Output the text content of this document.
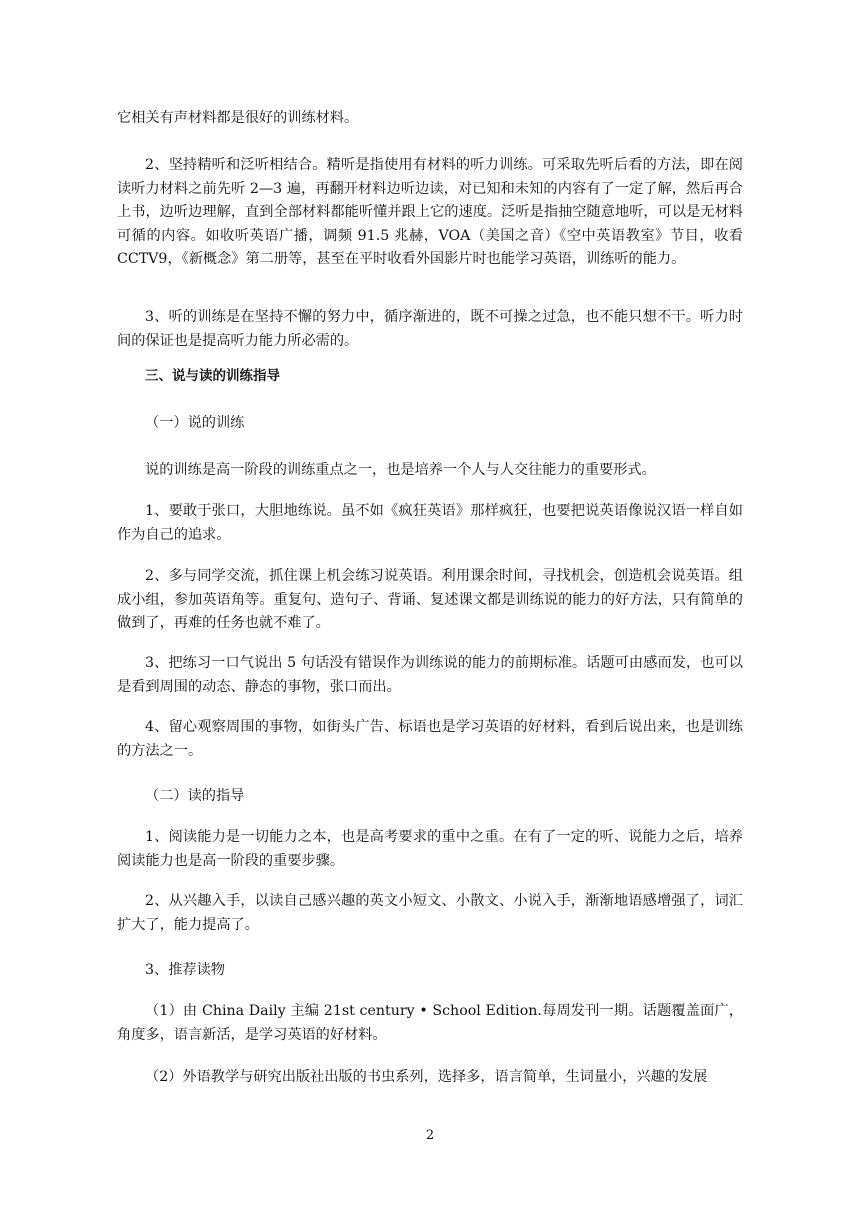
它相关有声材料都是很好的训练材料。

2、坚持精听和泛听相结合。精听是指使用有材料的听力训练。可采取先听后看的方法，即在阅读听力材料之前先听 2—3 遍，再翻开材料边听边读，对已知和未知的内容有了一定了解，然后再合上书，边听边理解，直到全部材料都能听懂并跟上它的速度。泛听是指抽空随意地听，可以是无材料可循的内容。如收听英语广播，调频 91.5 兆赫，VOA（美国之音）《空中英语教室》节目，收看 CCTV9，《新概念》第二册等，甚至在平时收看外国影片时也能学习英语，训练听的能力。

3、听的训练是在坚持不懈的努力中，循序渐进的，既不可操之过急，也不能只想不干。听力时间的保证也是提高听力能力所必需的。

三、说与读的训练指导

（一）说的训练

说的训练是高一阶段的训练重点之一，也是培养一个人与人交往能力的重要形式。

1、要敢于张口，大胆地练说。虽不如《疯狂英语》那样疯狂，也要把说英语像说汉语一样自如作为自己的追求。

2、多与同学交流，抓住课上机会练习说英语。利用课余时间，寻找机会，创造机会说英语。组成小组，参加英语角等。重复句、造句子、背诵、复述课文都是训练说的能力的好方法，只有简单的做到了，再难的任务也就不难了。

3、把练习一口气说出 5 句话没有错误作为训练说的能力的前期标准。话题可由感而发，也可以是看到周围的动态、静态的事物，张口而出。

4、留心观察周围的事物，如街头广告、标语也是学习英语的好材料，看到后说出来，也是训练的方法之一。

（二）读的指导

1、阅读能力是一切能力之本，也是高考要求的重中之重。在有了一定的听、说能力之后，培养阅读能力也是高一阶段的重要步骤。

2、从兴趣入手，以读自己感兴趣的英文小短文、小散文、小说入手，渐渐地语感增强了，词汇扩大了，能力提高了。

3、推荐读物

（1）由 China Daily 主编 21st century • School Edition.每周发刊一期。话题覆盖面广，角度多，语言新活，是学习英语的好材料。

（2）外语教学与研究出版社出版的书虫系列，选择多，语言简单，生词量小，兴趣的发展

2
